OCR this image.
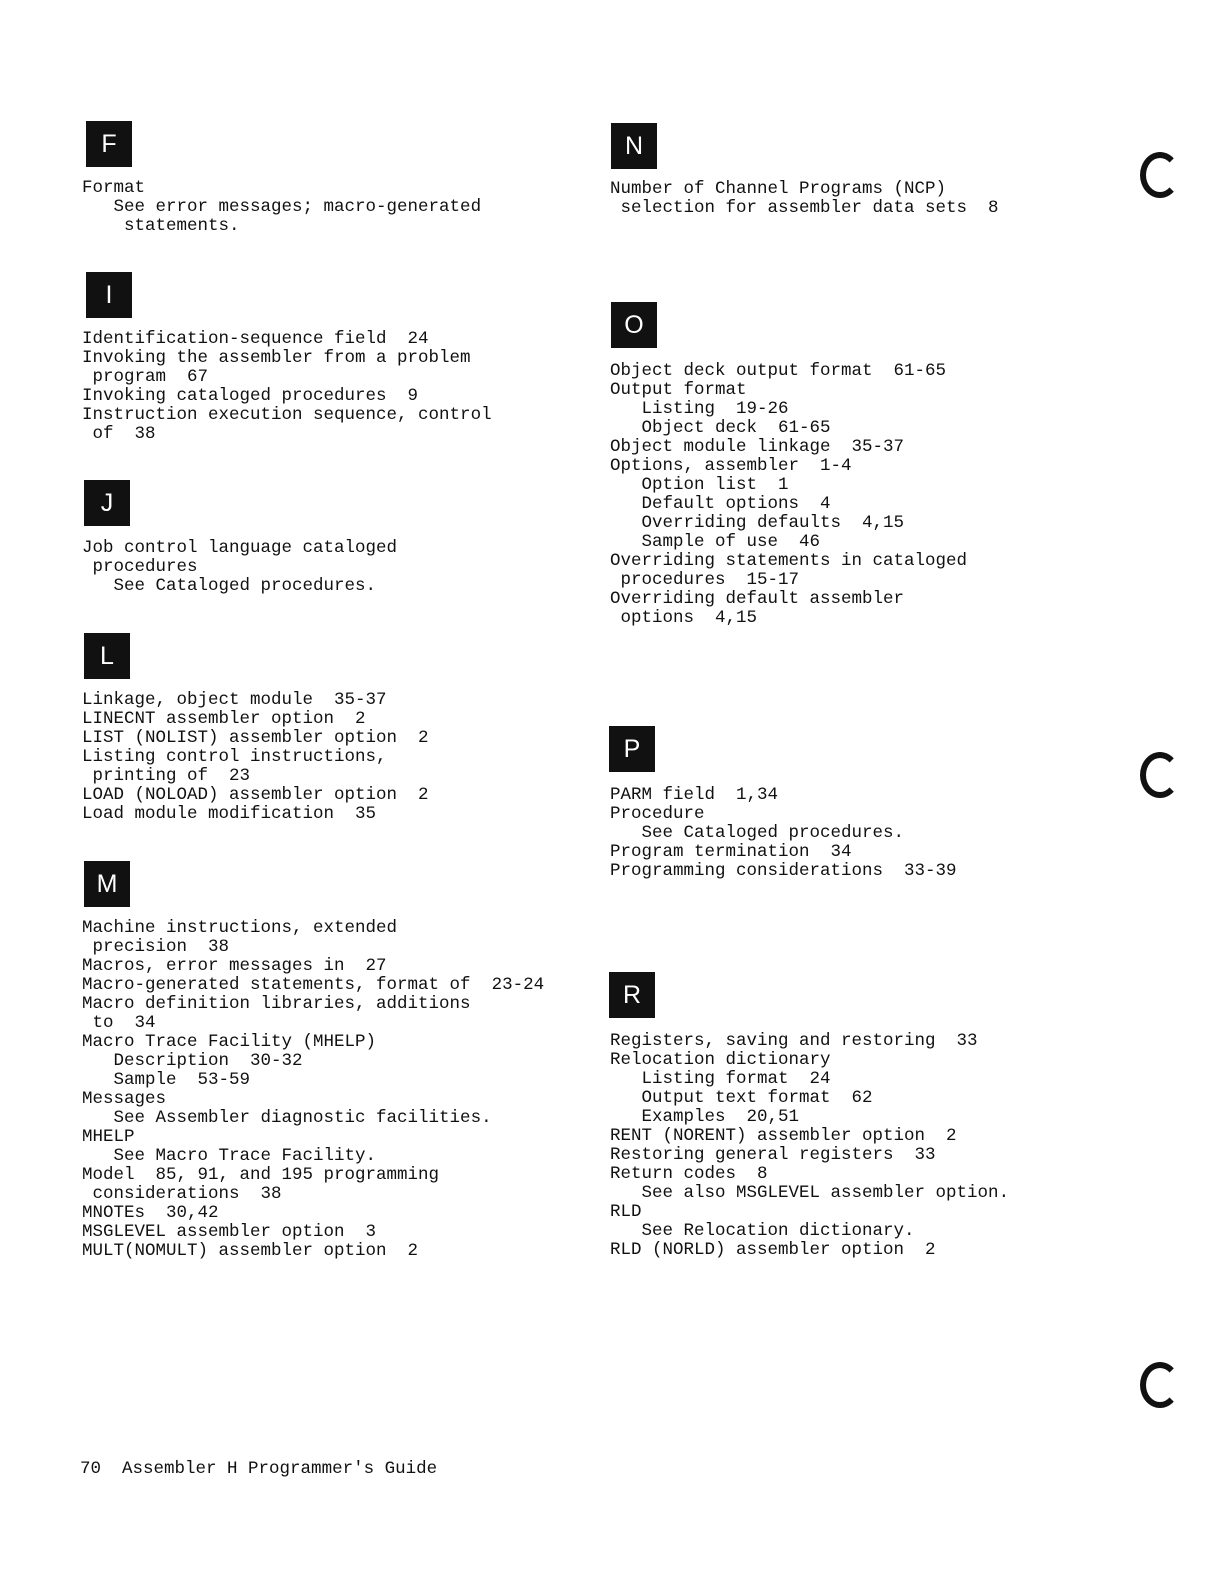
F
Format
See error messages; macro-generated
statements.
I
Identification-sequence field  24
Invoking the assembler from a problem
program  67
Invoking cataloged procedures  9
Instruction execution sequence, control
of  38
J
Job control language cataloged
procedures
See Cataloged procedures.
L
Linkage, object module  35-37
LINECNT assembler option  2
LIST (NOLIST) assembler option  2
Listing control instructions,
printing of  23
LOAD (NOLOAD) assembler option  2
Load module modification  35
M
Machine instructions, extended
precision  38
Macros, error messages in  27
Macro-generated statements, format of  23-24
Macro definition libraries, additions
to  34
Macro Trace Facility (MHELP)
Description  30-32
Sample  53-59
Messages
See Assembler diagnostic facilities.
MHELP
See Macro Trace Facility.
Model  85, 91, and 195 programming
considerations  38
MNOTEs  30,42
MSGLEVEL assembler option  3
MULT(NOMULT) assembler option  2
N
Number of Channel Programs (NCP)
selection for assembler data sets  8
O
Object deck output format  61-65
Output format
Listing  19-26
Object deck  61-65
Object module linkage  35-37
Options, assembler  1-4
Option list  1
Default options  4
Overriding defaults  4,15
Sample of use  46
Overriding statements in cataloged
procedures  15-17
Overriding default assembler
options  4,15
P
PARM field  1,34
Procedure
See Cataloged procedures.
Program termination  34
Programming considerations  33-39
R
Registers, saving and restoring  33
Relocation dictionary
Listing format  24
Output text format  62
Examples  20,51
RENT (NORENT) assembler option  2
Restoring general registers  33
Return codes  8
See also MSGLEVEL assembler option.
RLD
See Relocation dictionary.
RLD (NORLD) assembler option  2
70 Assembler H Programmer's Guide
